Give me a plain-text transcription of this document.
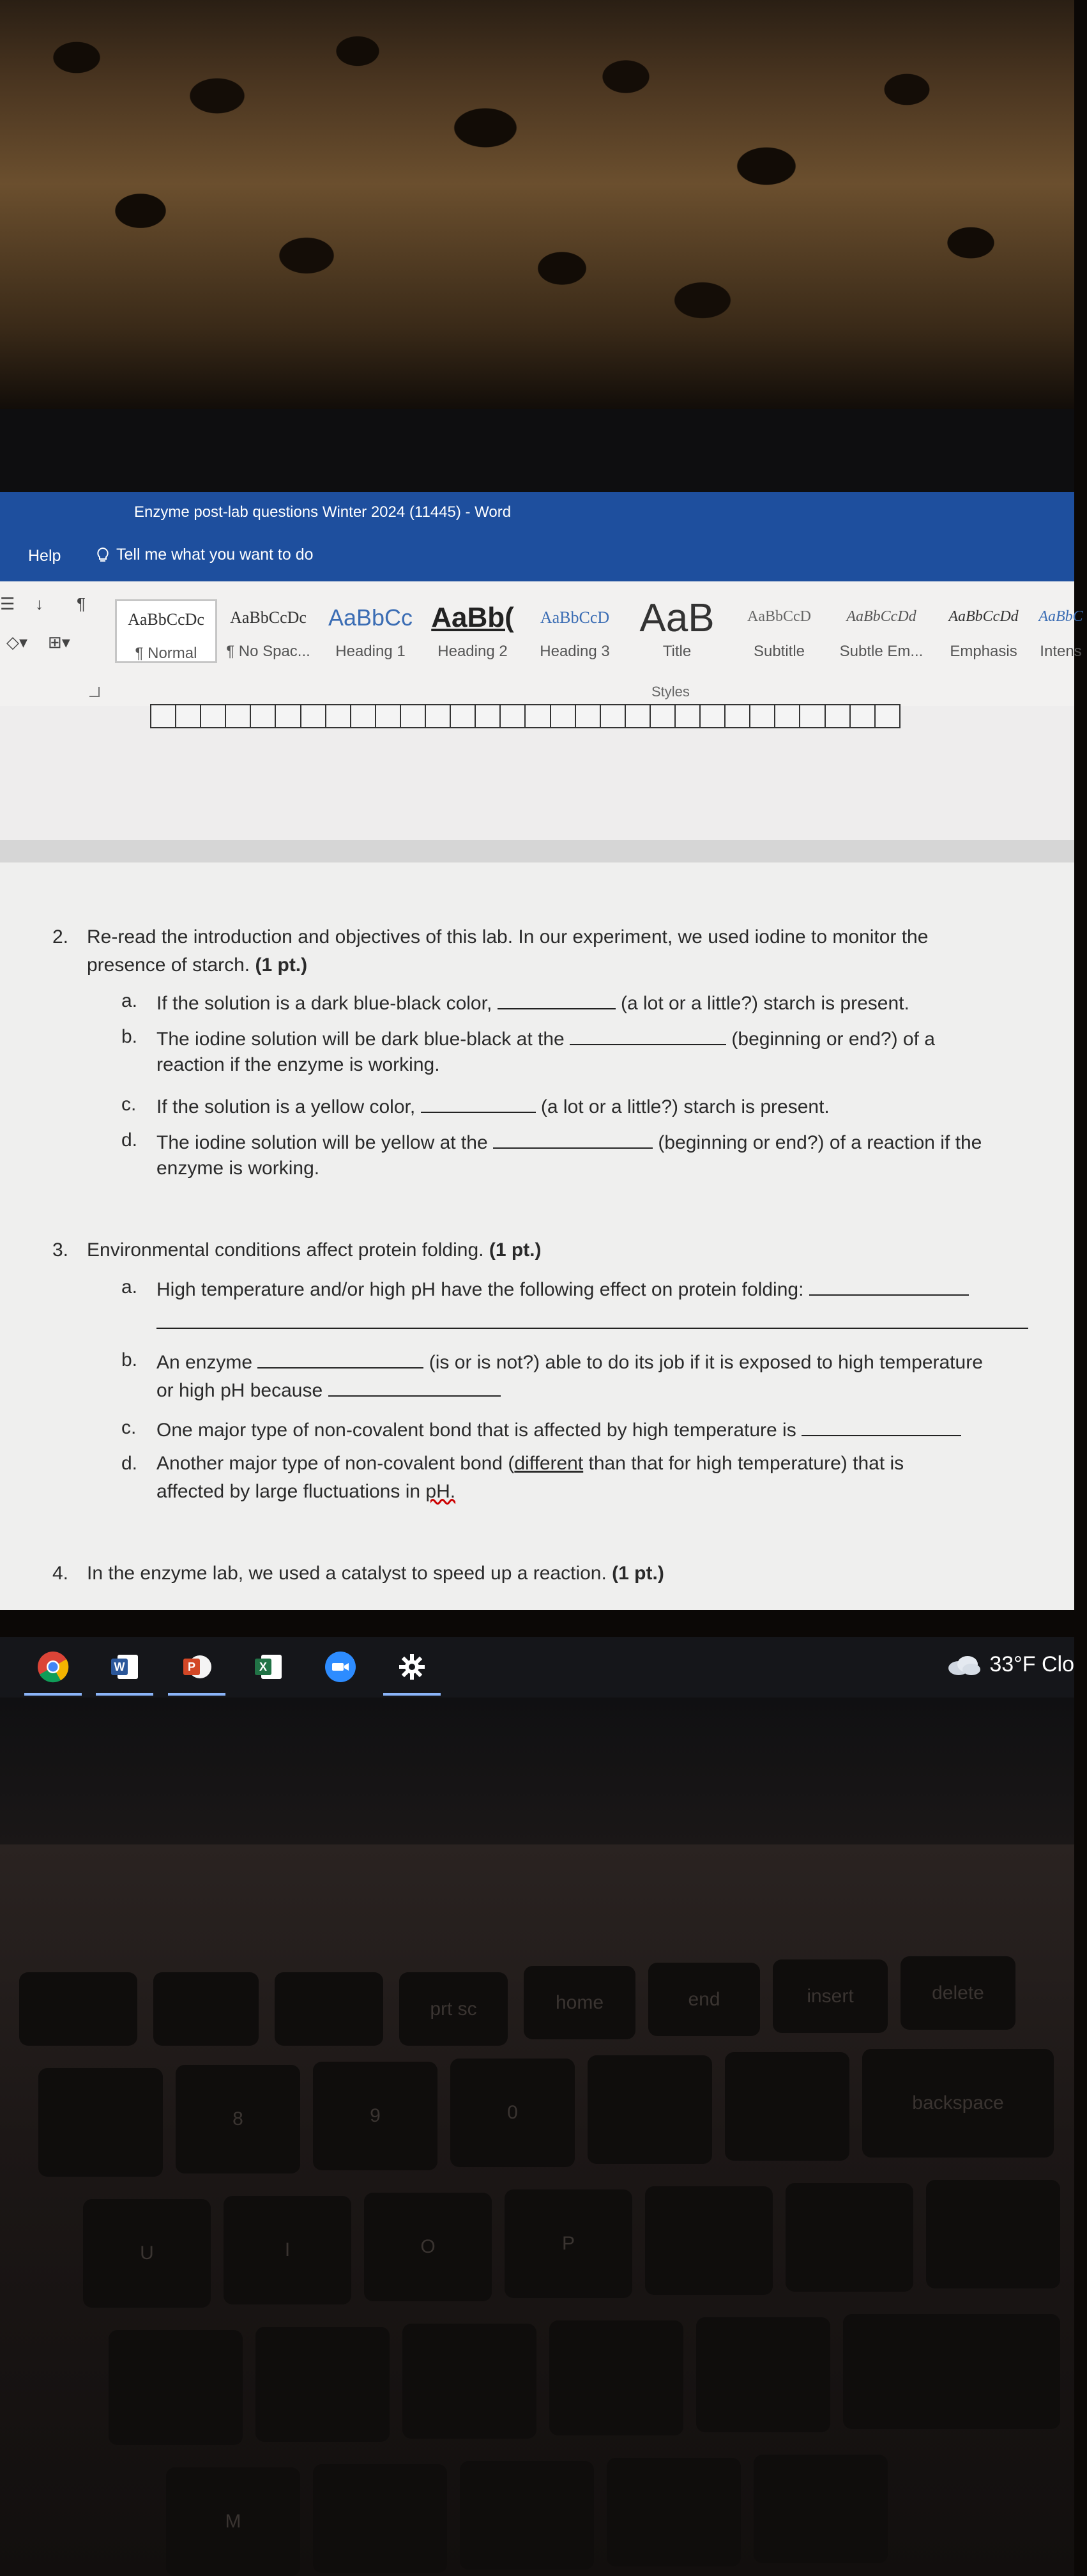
Enzyme post-lab questions Winter 2024 (11445) - Word
Help	Tell me what you want to do
☰ ↓ ¶
◇▾ ⊞▾
AaBbCcDc
¶ Normal
AaBbCcDc
¶ No Spac...
AaBbCc
Heading 1
AaBb(
Heading 2
AaBbCcD
Heading 3
AaB
Title
AaBbCcD
Subtitle
AaBbCcDd
Subtle Em...
AaBbCcDd
Emphasis
AaBbC
Intens
Styles
2. Re-read the introduction and objectives of this lab. In our experiment, we used iodine to monitor the
presence of starch. (1 pt.)
a. If the solution is a dark blue-black color,	(a lot or a little?) starch is present.
b. The iodine solution will be dark blue-black at the	(beginning or end?) of a
reaction if the enzyme is working.
c. If the solution is a yellow color,	(a lot or a little?) starch is present.
d. The iodine solution will be yellow at the	(beginning or end?) of a reaction if the
enzyme is working.
3. Environmental conditions affect protein folding. (1 pt.)
a. High temperature and/or high pH have the following effect on protein folding:
b. An enzyme	(is or is not?) able to do its job if it is exposed to high temperature
or high pH because
c. One major type of non-covalent bond that is affected by high temperature is
d. Another major type of non-covalent bond (different than that for high temperature) that is
affected by large fluctuations in pH.
4. In the enzyme lab, we used a catalyst to speed up a reaction. (1 pt.)
W	P	X	33°F Clo
prt sc	home	end	insert	delete
8	9	0	backspace
U	I	O	P
M
